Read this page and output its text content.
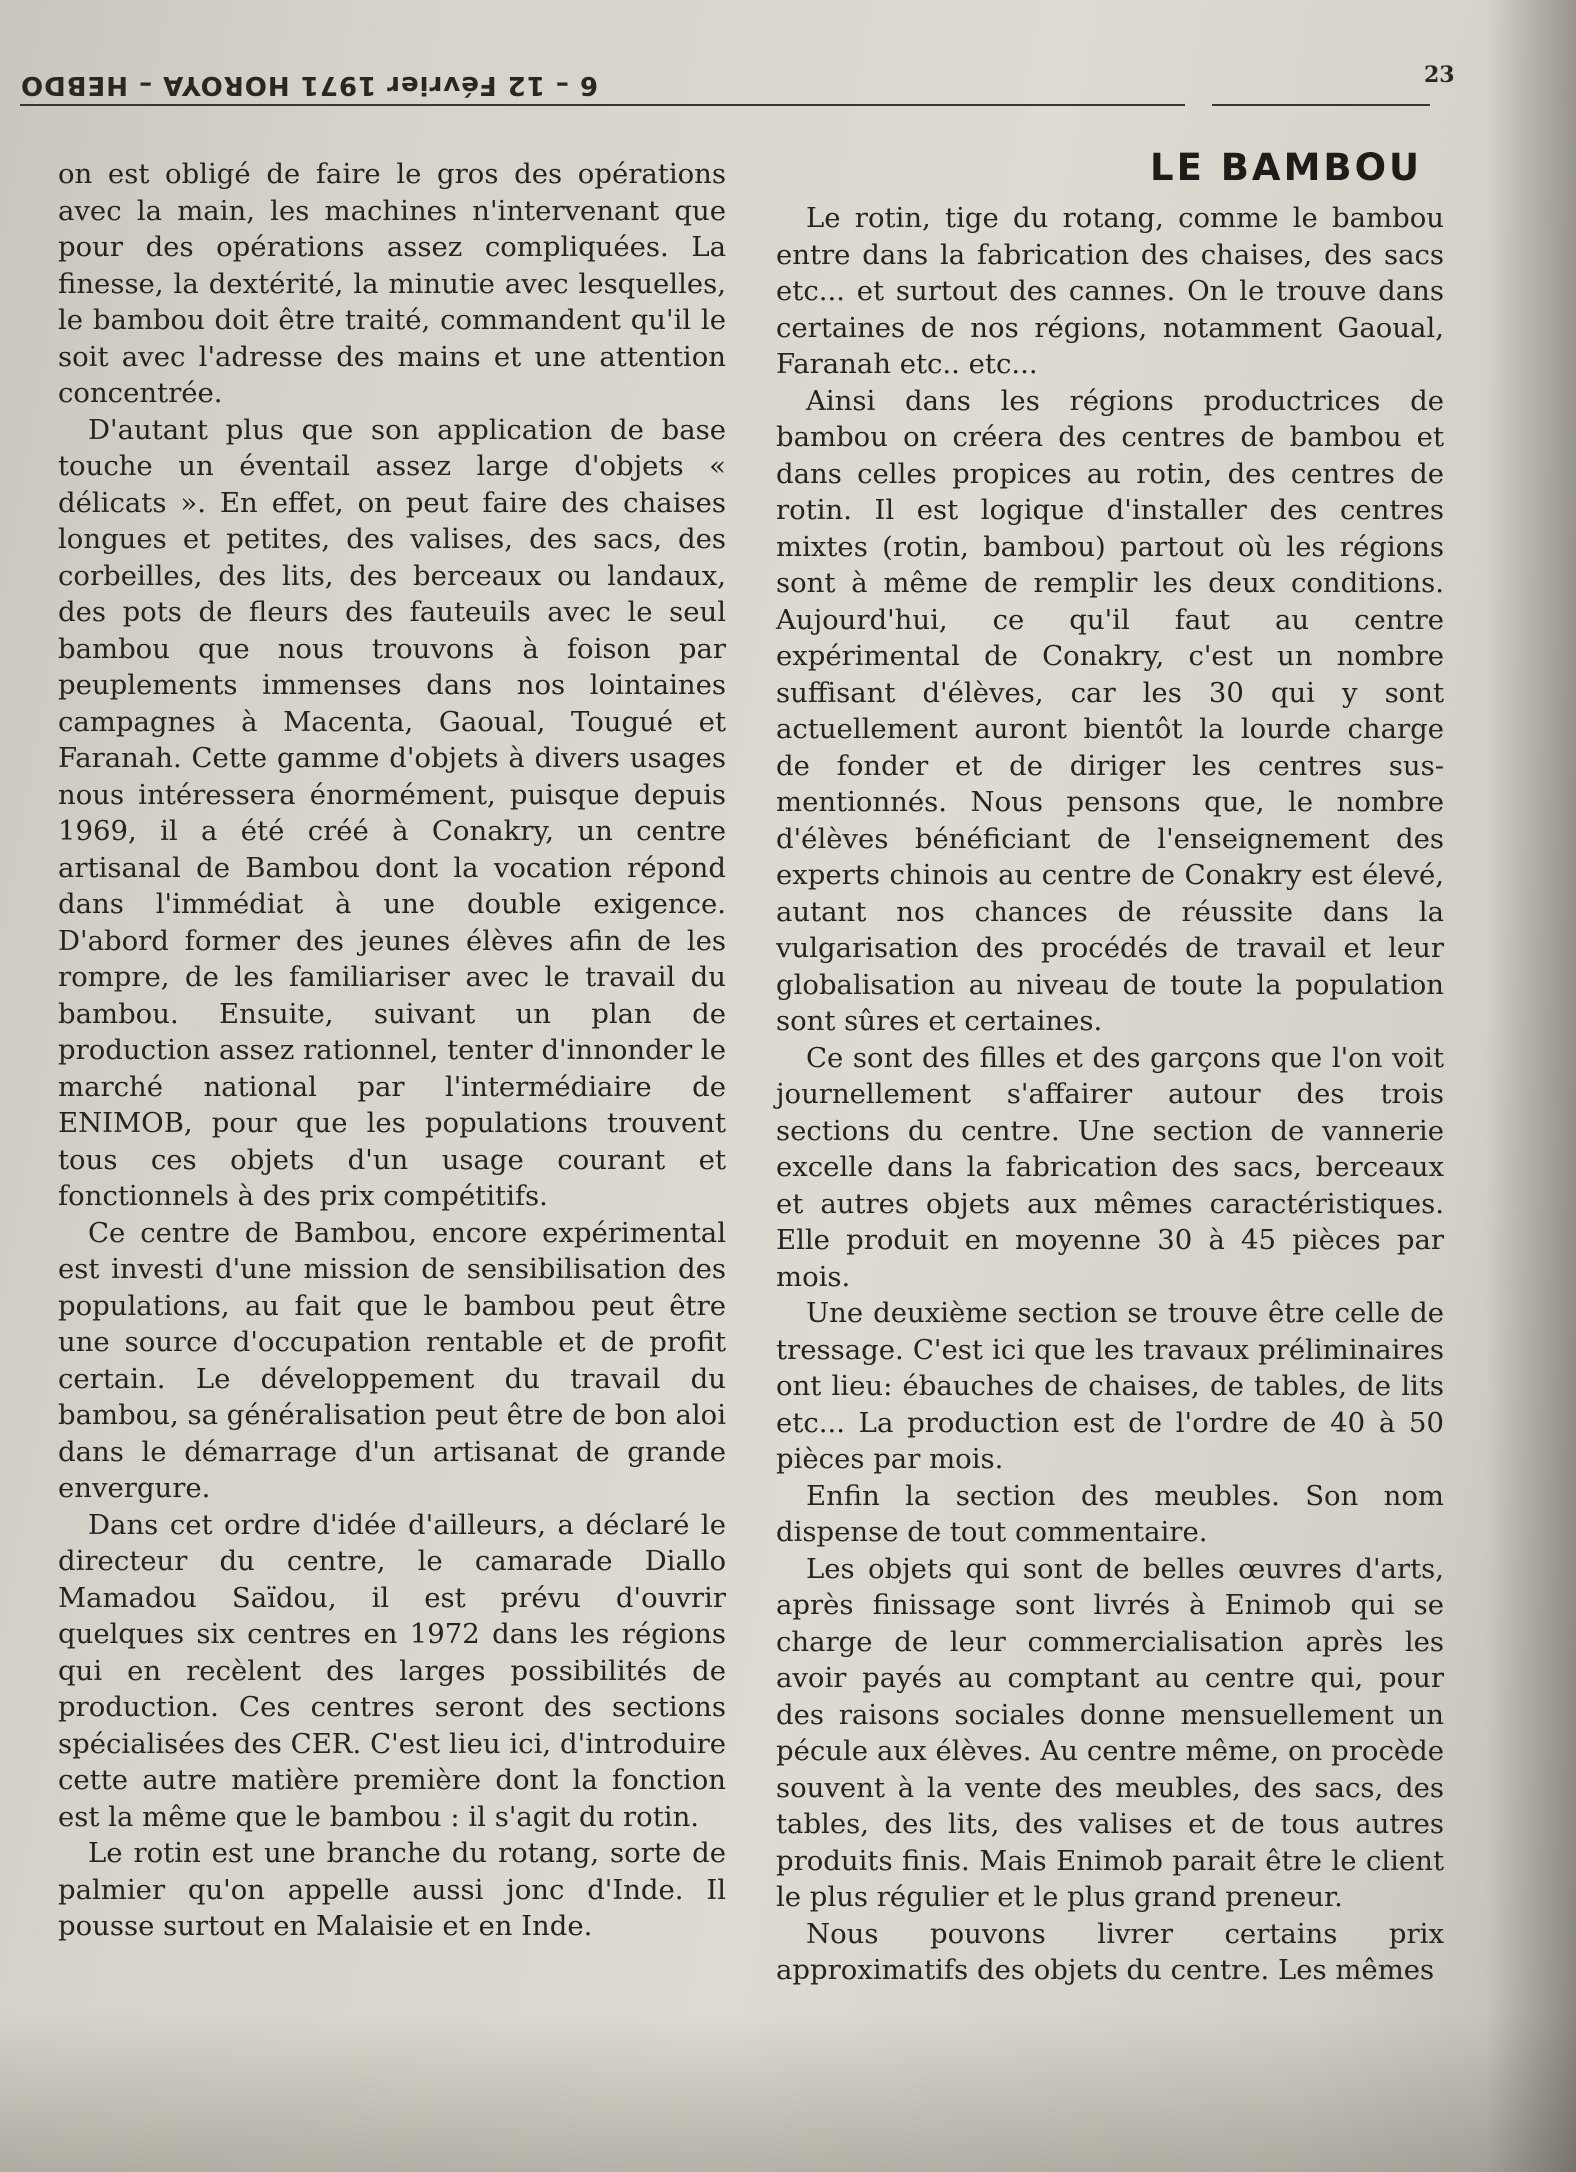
6 – 12 Février 1971 HOROYA – HEBDO	23
LE BAMBOU

on est obligé de faire le gros des opérations avec la main, les machines n'intervenant que pour des opérations assez compliquées. La finesse, la dextérité, la minutie avec lesquelles, le bambou doit être traité, commandent qu'il le soit avec l'adresse des mains et une attention concentrée.

D'autant plus que son application de base touche un éventail assez large d'objets « délicats ». En effet, on peut faire des chaises longues et petites, des valises, des sacs, des corbeilles, des lits, des berceaux ou landaux, des pots de fleurs des fauteuils avec le seul bambou que nous trouvons à foison par peuplements immenses dans nos lointaines campagnes à Macenta, Gaoual, Tougué et Faranah. Cette gamme d'objets à divers usages nous intéressera énormément, puisque depuis 1969, il a été créé à Conakry, un centre artisanal de Bambou dont la vocation répond dans l'immédiat à une double exigence. D'abord former des jeunes élèves afin de les rompre, de les familiariser avec le travail du bambou. Ensuite, suivant un plan de production assez rationnel, tenter d'innonder le marché national par l'intermédiaire de ENIMOB, pour que les populations trouvent tous ces objets d'un usage courant et fonctionnels à des prix compétitifs.

Ce centre de Bambou, encore expérimental est investi d'une mission de sensibilisation des populations, au fait que le bambou peut être une source d'occupation rentable et de profit certain. Le développement du travail du bambou, sa généralisation peut être de bon aloi dans le démarrage d'un artisanat de grande envergure.

Dans cet ordre d'idée d'ailleurs, a déclaré le directeur du centre, le camarade Diallo Mamadou Saïdou, il est prévu d'ouvrir quelques six centres en 1972 dans les régions qui en recèlent des larges possibilités de production. Ces centres seront des sections spécialisées des CER. C'est lieu ici, d'introduire cette autre matière première dont la fonction est la même que le bambou : il s'agit du rotin.

Le rotin est une branche du rotang, sorte de palmier qu'on appelle aussi jonc d'Inde. Il pousse surtout en Malaisie et en Inde.

Le rotin, tige du rotang, comme le bambou entre dans la fabrication des chaises, des sacs etc... et surtout des cannes. On le trouve dans certaines de nos régions, notamment Gaoual, Faranah etc.. etc...

Ainsi dans les régions productrices de bambou on créera des centres de bambou et dans celles propices au rotin, des centres de rotin. Il est logique d'installer des centres mixtes (rotin, bambou) partout où les régions sont à même de remplir les deux conditions. Aujourd'hui, ce qu'il faut au centre expérimental de Conakry, c'est un nombre suffisant d'élèves, car les 30 qui y sont actuellement auront bientôt la lourde charge de fonder et de diriger les centres sus-mentionnés. Nous pensons que, le nombre d'élèves bénéficiant de l'enseignement des experts chinois au centre de Conakry est élevé, autant nos chances de réussite dans la vulgarisation des procédés de travail et leur globalisation au niveau de toute la population sont sûres et certaines.

Ce sont des filles et des garçons que l'on voit journellement s'affairer autour des trois sections du centre. Une section de vannerie excelle dans la fabrication des sacs, berceaux et autres objets aux mêmes caractéristiques. Elle produit en moyenne 30 à 45 pièces par mois.

Une deuxième section se trouve être celle de tressage. C'est ici que les travaux préliminaires ont lieu: ébauches de chaises, de tables, de lits etc... La production est de l'ordre de 40 à 50 pièces par mois.

Enfin la section des meubles. Son nom dispense de tout commentaire.

Les objets qui sont de belles œuvres d'arts, après finissage sont livrés à Enimob qui se charge de leur commercialisation après les avoir payés au comptant au centre qui, pour des raisons sociales donne mensuellement un pécule aux élèves. Au centre même, on procède souvent à la vente des meubles, des sacs, des tables, des lits, des valises et de tous autres produits finis. Mais Enimob parait être le client le plus régulier et le plus grand preneur.

Nous pouvons livrer certains prix approximatifs des objets du centre. Les mêmes
